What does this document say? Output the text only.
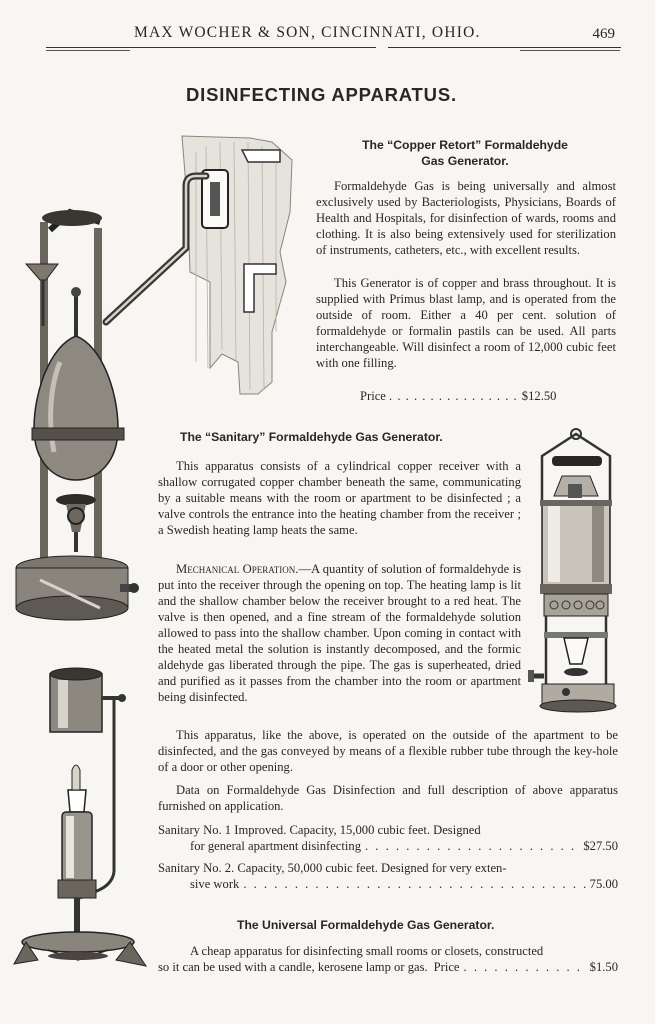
MAX WOCHER & SON, CINCINNATI, OHIO.	469
DISINFECTING APPARATUS.
The “Copper Retort” Formaldehyde
Gas Generator.

Formaldehyde Gas is being universally and almost exclusively used by Bacteriologists, Physicians, Boards of Health and Hospitals, for disinfection of wards, rooms and clothing. It is also being extensively used for sterilization of instruments, catheters, etc., with excellent results.

This Generator is of copper and brass throughout. It is supplied with Primus blast lamp, and is operated from the outside of room. Either a 40 per cent. solution of formaldehyde or formalin pastils can be used. All parts interchangeable. Will disinfect a room of 12,000 cubic feet with one filling.

Price . . . . . . . . . . . . . . . . $12.50
The “Sanitary” Formaldehyde Gas Generator.

This apparatus consists of a cylindrical copper receiver with a shallow corrugated copper chamber beneath the same, communicating by a suitable means with the room or apartment to be disinfected ; a valve controls the entrance into the heating chamber from the receiver ; a Swedish heating lamp heats the same.

Mechanical Operation.—A quantity of solution of formaldehyde is put into the receiver through the opening on top. The heating lamp is lit and the shallow chamber below the receiver brought to a red heat. The valve is then opened, and a fine stream of the formaldehyde solution allowed to pass into the shallow chamber. Upon coming in contact with the heated metal the solution is instantly decomposed, and the formic aldehyde gas liberated through the pipe. The gas is superheated, dried and purified as it passes from the chamber into the room or apartment being disinfected.

This apparatus, like the above, is operated on the outside of the apartment to be disinfected, and the gas conveyed by means of a flexible rubber tube through the key-hole of a door or other opening.

Data on Formaldehyde Gas Disinfection and full description of above apparatus furnished on application.

Sanitary No. 1 Improved. Capacity, 15,000 cubic feet. Designed
for general apartment disinfecting . . .	$27.50
Sanitary No. 2. Capacity, 50,000 cubic feet. Designed for very exten-
sive work . . .	75.00
The Universal Formaldehyde Gas Generator.
A cheap apparatus for disinfecting small rooms or closets, constructed
so it can be used with a candle, kerosene lamp or gas. Price . . .	$1.50
